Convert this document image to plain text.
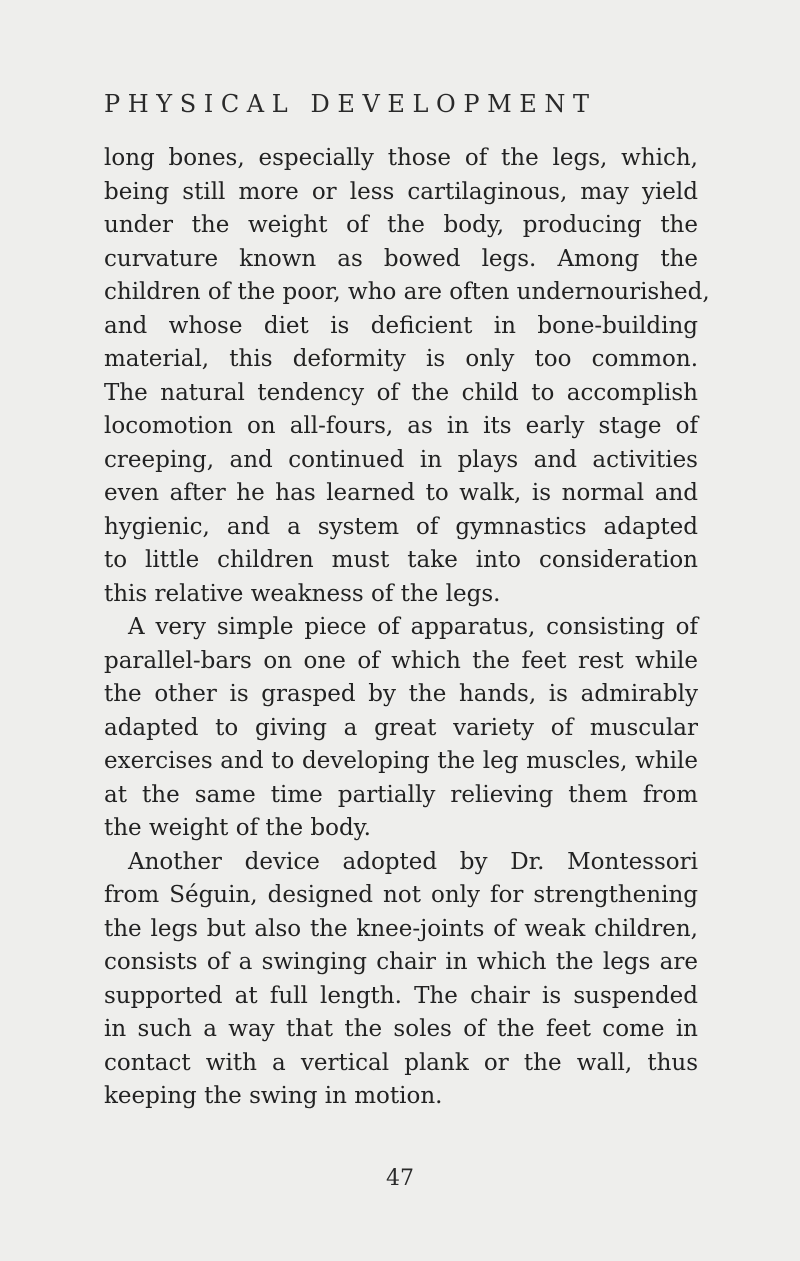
PHYSICAL DEVELOPMENT
long bones, especially those of the legs, which,
being still more or less cartilaginous, may yield
under the weight of the body, producing the
curvature known as bowed legs. Among the
children of the poor, who are often undernourished,
and whose diet is deficient in bone-building
material, this deformity is only too common.
The natural tendency of the child to accomplish
locomotion on all-fours, as in its early stage of
creeping, and continued in plays and activities
even after he has learned to walk, is normal and
hygienic, and a system of gymnastics adapted
to little children must take into consideration
this relative weakness of the legs.
A very simple piece of apparatus, consisting of
parallel-bars on one of which the feet rest while
the other is grasped by the hands, is admirably
adapted to giving a great variety of muscular
exercises and to developing the leg muscles, while
at the same time partially relieving them from
the weight of the body.
Another device adopted by Dr. Montessori
from Séguin, designed not only for strengthening
the legs but also the knee-joints of weak children,
consists of a swinging chair in which the legs are
supported at full length. The chair is suspended
in such a way that the soles of the feet come in
contact with a vertical plank or the wall, thus
keeping the swing in motion.
47
